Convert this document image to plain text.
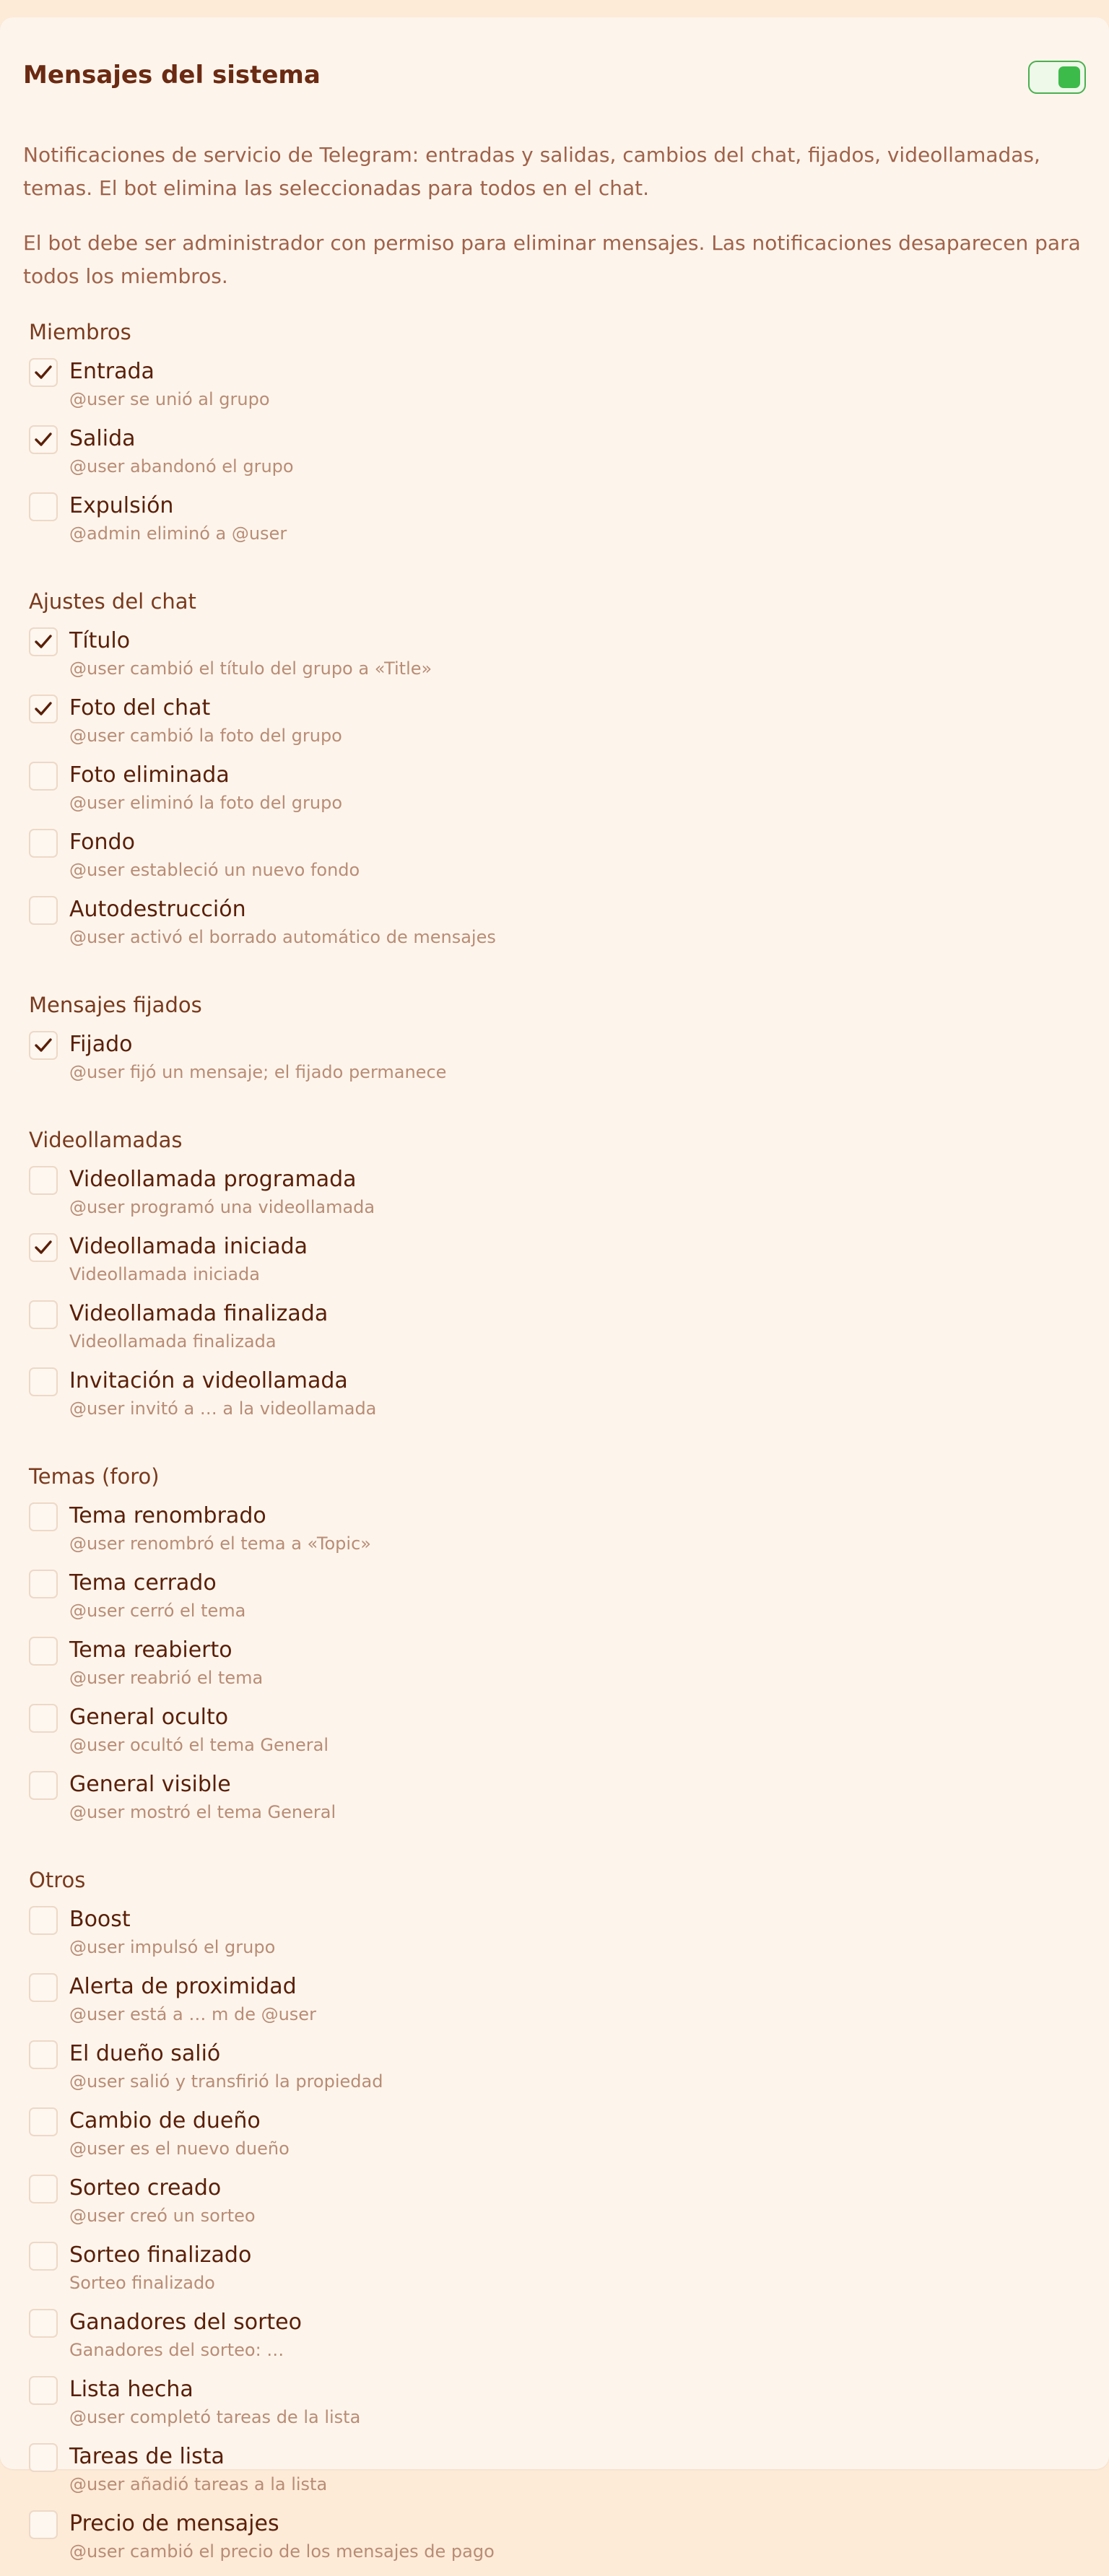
Mensajes del sistema

Notificaciones de servicio de Telegram: entradas y salidas, cambios del chat, fijados, videollamadas, temas. El bot elimina las seleccionadas para todos en el chat.

El bot debe ser administrador con permiso para eliminar mensajes. Las notificaciones desaparecen para todos los miembros.

Miembros
Entrada
@user se unió al grupo
Salida
@user abandonó el grupo
Expulsión
@admin eliminó a @user
Ajustes del chat
Título
@user cambió el título del grupo a «Title»
Foto del chat
@user cambió la foto del grupo
Foto eliminada
@user eliminó la foto del grupo
Fondo
@user estableció un nuevo fondo
Autodestrucción
@user activó el borrado automático de mensajes
Mensajes fijados
Fijado
@user fijó un mensaje; el fijado permanece
Videollamadas
Videollamada programada
@user programó una videollamada
Videollamada iniciada
Videollamada iniciada
Videollamada finalizada
Videollamada finalizada
Invitación a videollamada
@user invitó a … a la videollamada
Temas (foro)
Tema renombrado
@user renombró el tema a «Topic»
Tema cerrado
@user cerró el tema
Tema reabierto
@user reabrió el tema
General oculto
@user ocultó el tema General
General visible
@user mostró el tema General
Otros
Boost
@user impulsó el grupo
Alerta de proximidad
@user está a … m de @user
El dueño salió
@user salió y transfirió la propiedad
Cambio de dueño
@user es el nuevo dueño
Sorteo creado
@user creó un sorteo
Sorteo finalizado
Sorteo finalizado
Ganadores del sorteo
Ganadores del sorteo: …
Lista hecha
@user completó tareas de la lista
Tareas de lista
@user añadió tareas a la lista
Precio de mensajes
@user cambió el precio de los mensajes de pago
